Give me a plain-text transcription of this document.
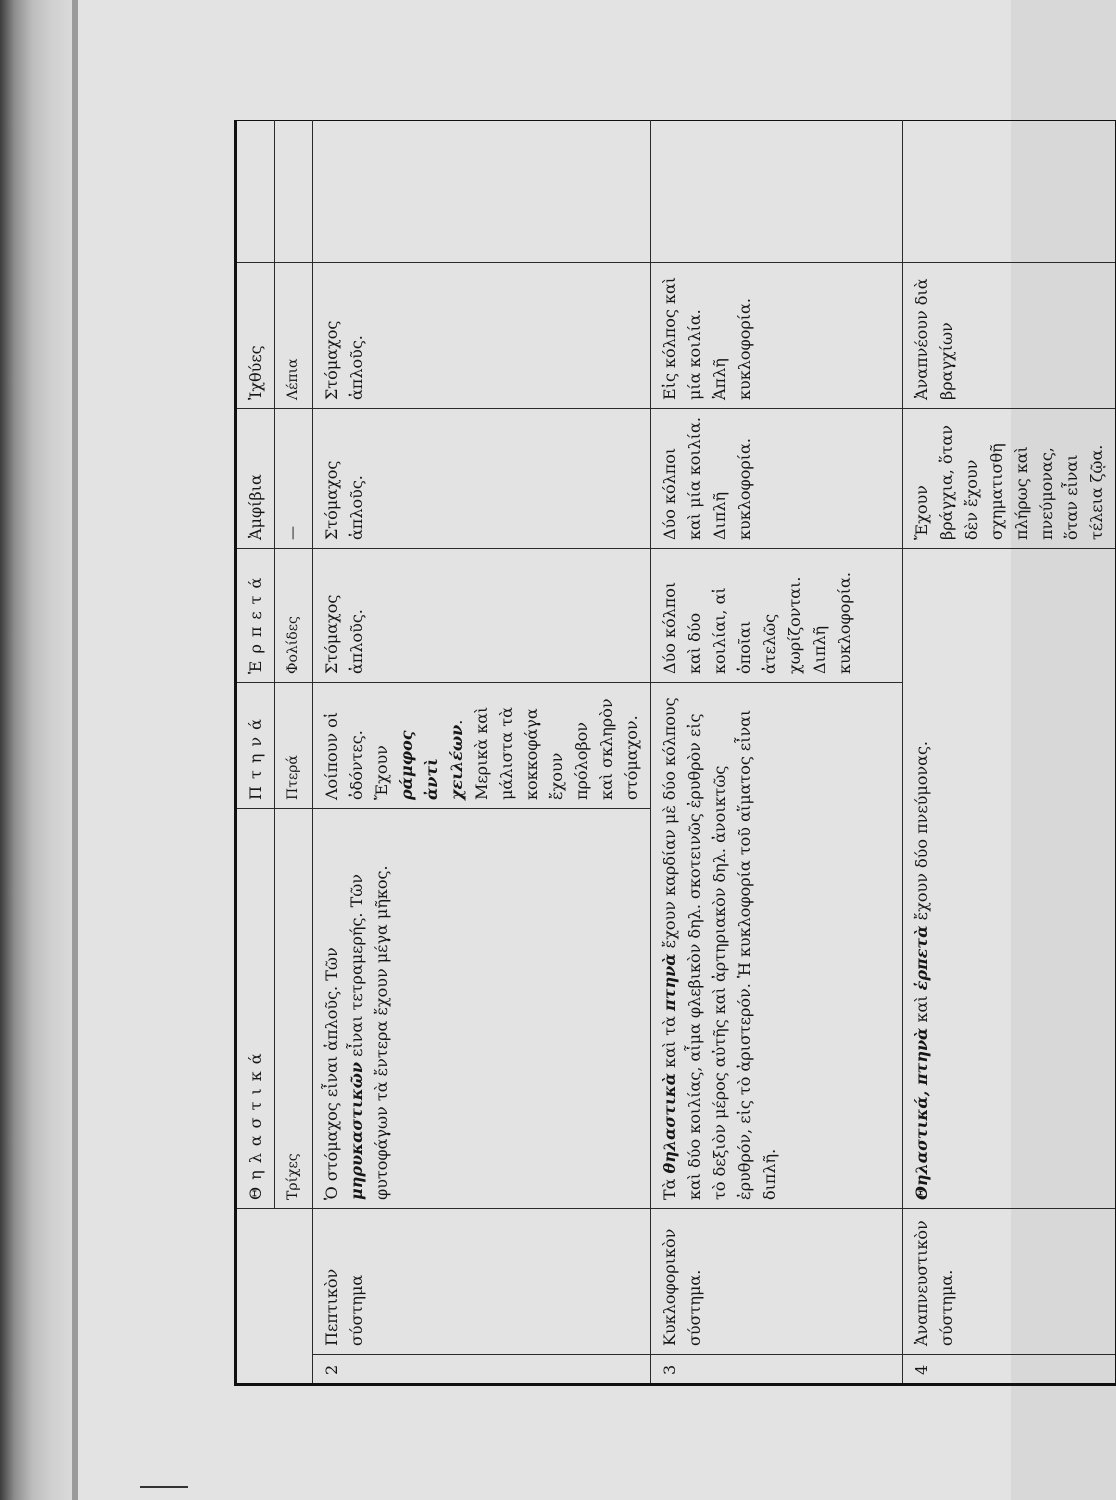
		Θηλαστικά	Πτηνά	Ἑρπετά	Ἀμφίβια	Ἰχθύες	
		Τρίχες	Πτερά	Φολίδες	—	Λέπια	
2	Πεπτικὸν σύστημα	Ὁ στόμαχος εἶναι ἁπλοῦς. Τῶν μηρυκαστικῶν εἶναι τετραμερής. Τῶν φυτοφάγων τὰ ἔντερα ἔχουν μέγα μῆκος.	Λοίπουν οἱ ὀδόντες. Ἔχουν ράμφος ἀντὶ χειλέων. Μερικὰ καὶ μάλιστα τὰ κοκκοφάγα ἔχουν πρόλοβον καὶ σκληρὸν στόμαχον.	Στόμαχος ἁπλοῦς.	Στόμαχος ἁπλοῦς.	Στόμαχος ἁπλοῦς.	
3	Κυκλοφορικὸν σύστημα.	Τὰ θηλαστικὰ καὶ τὰ πτηνὰ ἔχουν καρδίαν μὲ δύο κόλπους καὶ δύο κοιλίας, αἷμα φλεβικὸν δηλ. σκοτεινῶς ἐρυθρὸν εἰς τὸ δεξιὸν μέρος αὐτῆς καὶ ἀρτηριακὸν δηλ. ἀνοικτῶς ἐρυθρόν, εἰς τὸ ἀριστερόν. Ἡ κυκλοφορία τοῦ αἵματος εἶναι διπλῆ.		Δύο κόλποι καὶ δύο κοιλίαι, αἱ ὁποῖαι ἀτελῶς χωρίζονται. Διπλῆ κυκλοφορία.	Δύο κόλποι καὶ μία κοιλία. Διπλῆ κυκλοφορία.	Εἰς κόλπος καὶ μία κοιλία. Ἁπλῆ κυκλοφορία.	
4	Ἀναπνευστικὸν σύστημα.	Θηλαστικά, πτηνὰ καὶ ἑρπετὰ ἔχουν δύο πνεύμονας.			Ἔχουν βράγχια, ὅταν δὲν ἔχουν σχηματισθῆ πλήρως καὶ πνεύμονας, ὅταν εἶναι τέλεια ζῷα.	Ἀναπνέουν διὰ βραγχίων	
